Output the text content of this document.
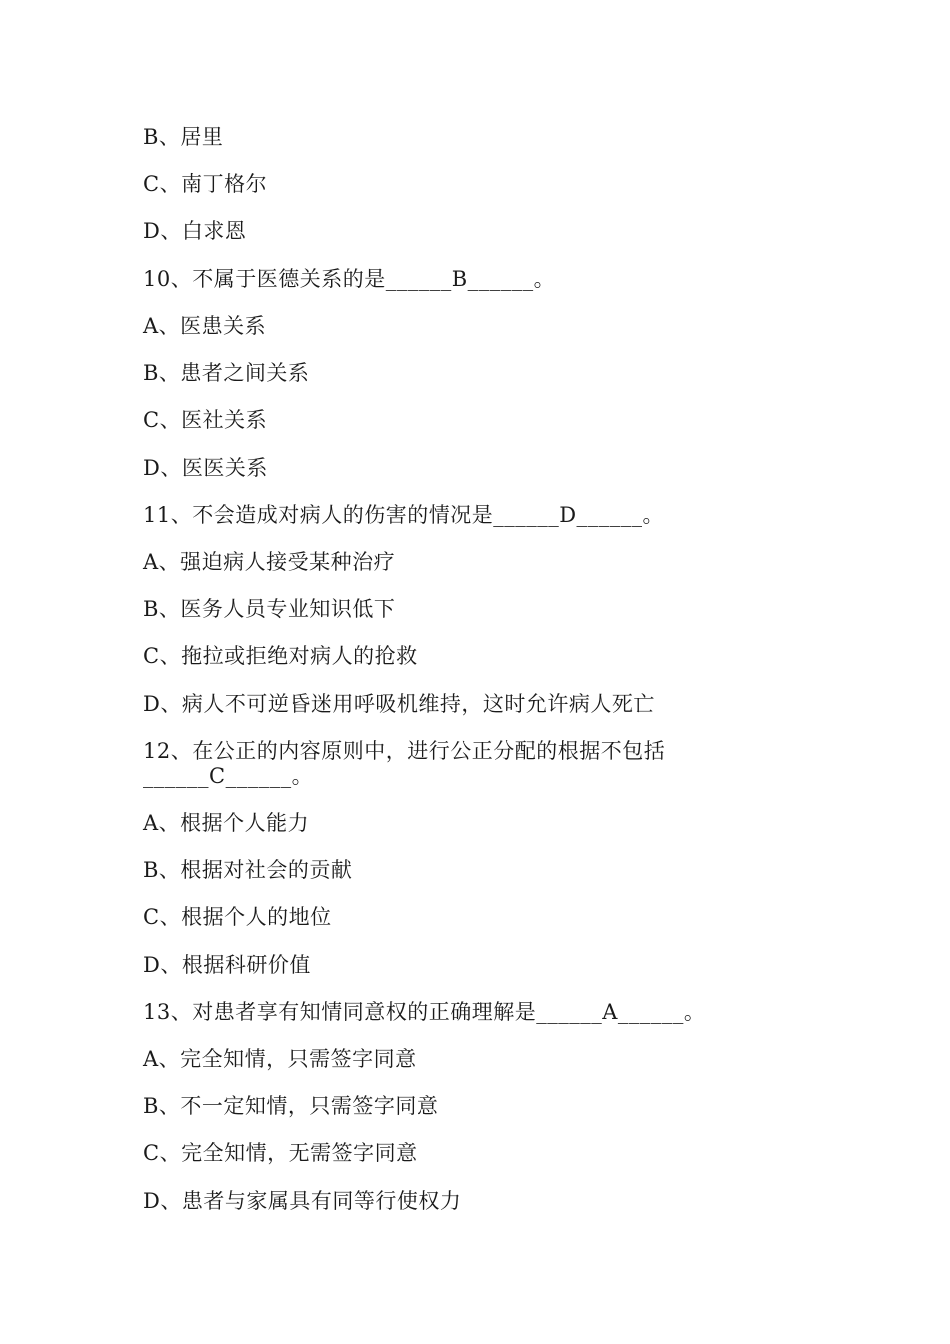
B、居里
C、南丁格尔
D、白求恩
10、不属于医德关系的是______B______。
A、医患关系
B、患者之间关系
C、医社关系
D、医医关系
11、不会造成对病人的伤害的情况是______D______。
A、强迫病人接受某种治疗
B、医务人员专业知识低下
C、拖拉或拒绝对病人的抢救
D、病人不可逆昏迷用呼吸机维持，这时允许病人死亡
12、在公正的内容原则中，进行公正分配的根据不包括
______C______。
A、根据个人能力
B、根据对社会的贡献
C、根据个人的地位
D、根据科研价值
13、对患者享有知情同意权的正确理解是______A______。
A、完全知情，只需签字同意
B、不一定知情，只需签字同意
C、完全知情，无需签字同意
D、患者与家属具有同等行使权力
